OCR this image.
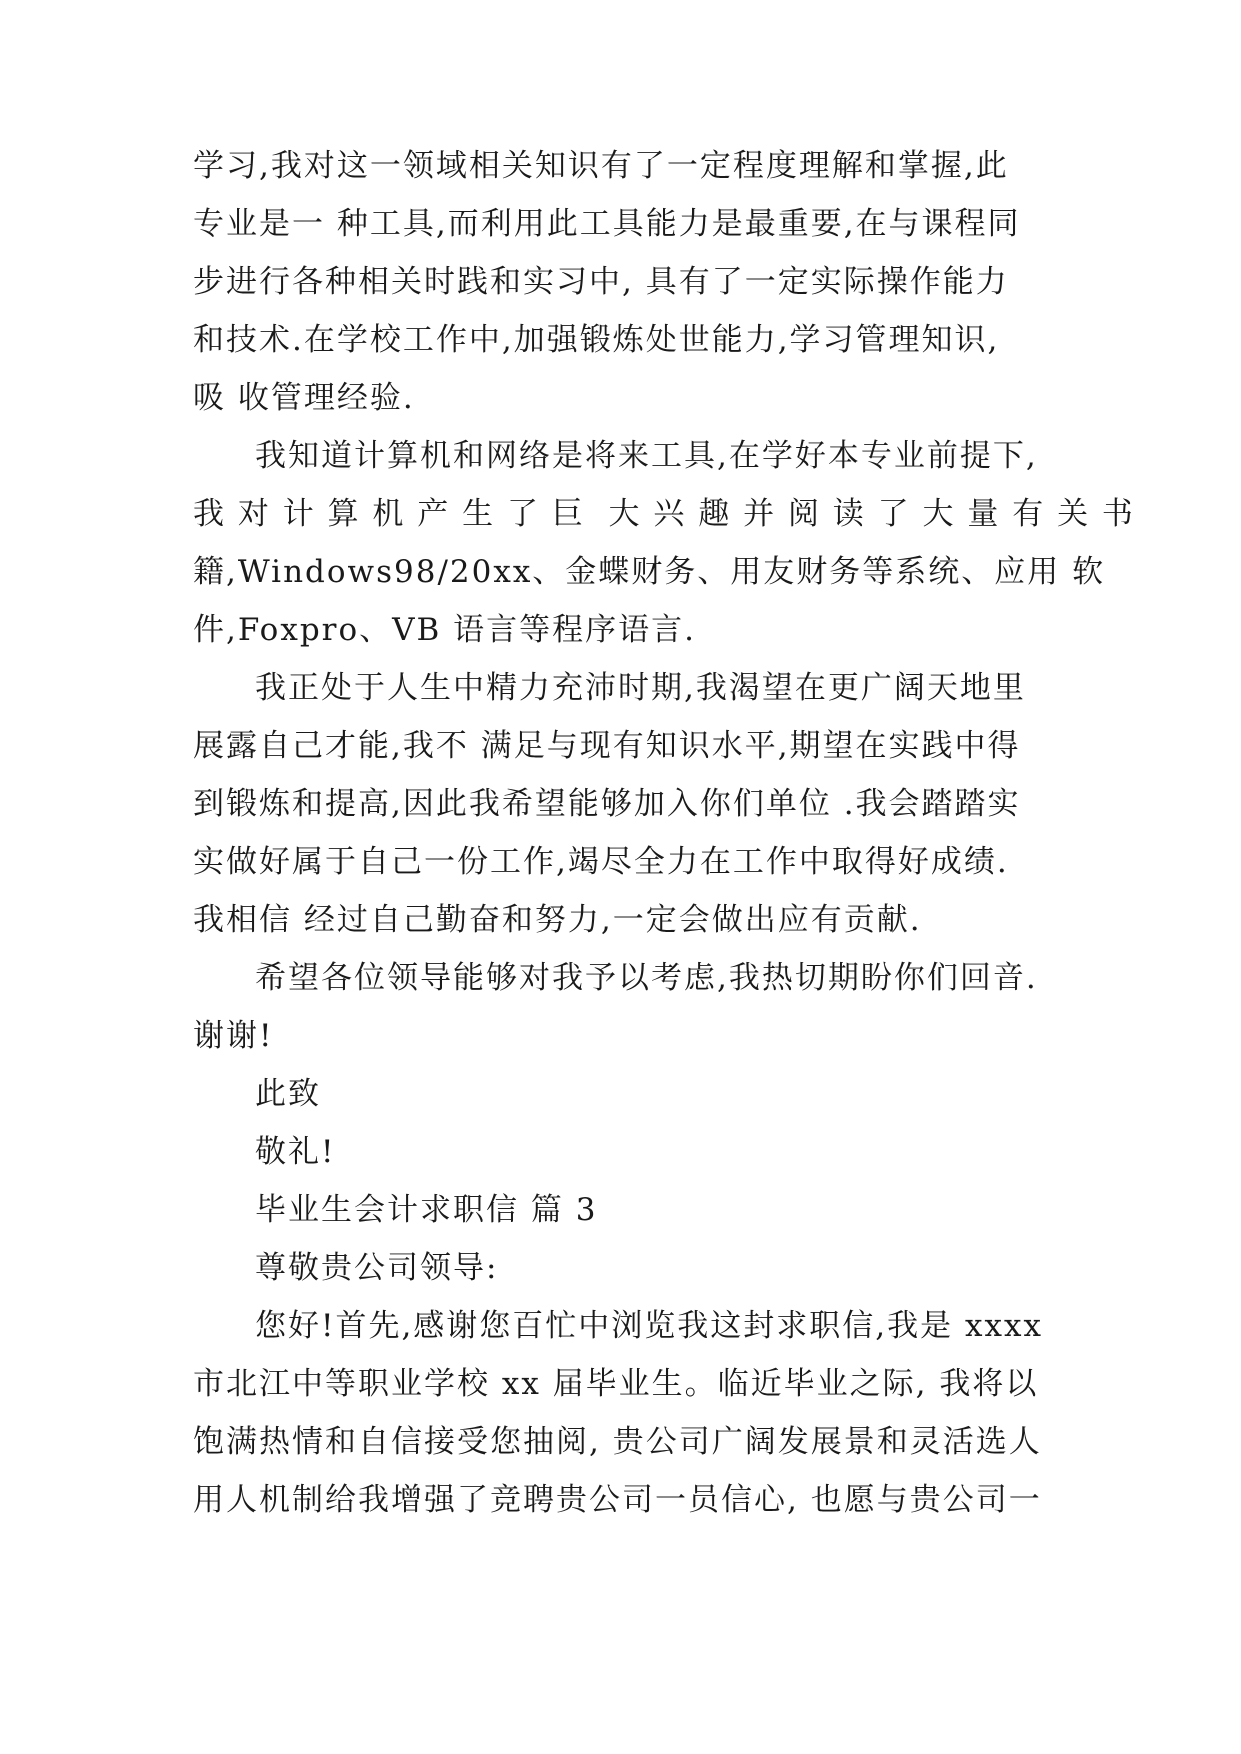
学习,我对这一领域相关知识有了一定程度理解和掌握,此
专业是一 种工具,而利用此工具能力是最重要,在与课程同
步进行各种相关时践和实习中, 具有了一定实际操作能力
和技术.在学校工作中,加强锻炼处世能力,学习管理知识,
吸 收管理经验.
我知道计算机和网络是将来工具,在学好本专业前提下,
我 对 计 算 机 产 生 了 巨  大 兴 趣 并 阅 读 了 大 量 有 关 书
籍,Windows98/20xx、金蝶财务、用友财务等系统、应用 软
件,Foxpro、VB 语言等程序语言.
我正处于人生中精力充沛时期,我渴望在更广阔天地里
展露自己才能,我不 满足与现有知识水平,期望在实践中得
到锻炼和提高,因此我希望能够加入你们单位 .我会踏踏实
实做好属于自己一份工作,竭尽全力在工作中取得好成绩.
我相信 经过自己勤奋和努力,一定会做出应有贡献.
希望各位领导能够对我予以考虑,我热切期盼你们回音.
谢谢!
此致
敬礼!
毕业生会计求职信 篇 3
尊敬贵公司领导:
您好!首先,感谢您百忙中浏览我这封求职信,我是 xxxx
市北江中等职业学校 xx 届毕业生。临近毕业之际, 我将以
饱满热情和自信接受您抽阅, 贵公司广阔发展景和灵活选人
用人机制给我增强了竞聘贵公司一员信心, 也愿与贵公司一
